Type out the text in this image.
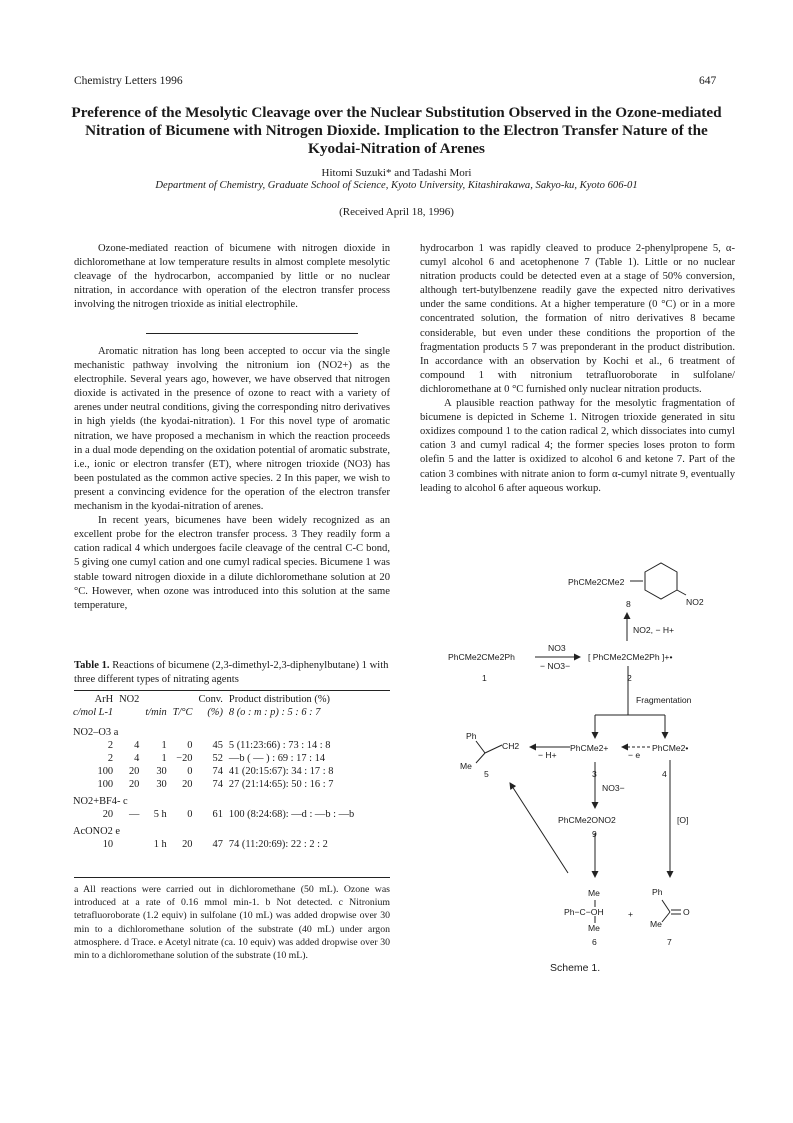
Chemistry Letters 1996	647
Preference of the Mesolytic Cleavage over the Nuclear Substitution Observed in the Ozone-mediated Nitration of Bicumene with Nitrogen Dioxide. Implication to the Electron Transfer Nature of the Kyodai-Nitration of Arenes
Hitomi Suzuki* and Tadashi Mori
Department of Chemistry, Graduate School of Science, Kyoto University, Kitashirakawa, Sakyo-ku, Kyoto 606-01
(Received April 18, 1996)

Ozone-mediated reaction of bicumene with nitrogen dioxide in dichloromethane at low temperature results in almost complete mesolytic cleavage of the hydrocarbon, accompanied by little or no nuclear nitration, in accordance with operation of the electron transfer process involving the nitrogen trioxide as initial electrophile.

Aromatic nitration has long been accepted to occur via the single mechanistic pathway involving the nitronium ion (NO2+) as the electrophile. Several years ago, however, we have observed that nitrogen dioxide is activated in the presence of ozone to react with a variety of arenes under neutral conditions, giving the corresponding nitro derivatives in high yields (the kyodai-nitration). 1 For this novel type of aromatic nitration, we have proposed a mechanism in which the reaction proceeds in a dual mode depending on the oxidation potential of aromatic substrate, i.e., ionic or electron transfer (ET), where nitrogen trioxide (NO3) has been postulated as the common active species. 2 In this paper, we wish to present a convincing evidence for the operation of the electron transfer mechanism in the kyodai-nitration of arenes.

In recent years, bicumenes have been widely recognized as an excellent probe for the electron transfer process. 3 They readily form a cation radical 4 which undergoes facile cleavage of the central C-C bond, 5 giving one cumyl cation and one cumyl radical species. Bicumene 1 was stable toward nitrogen dioxide in a dilute dichloromethane solution at 20 °C. However, when ozone was introduced into this solution at the same temperature,

Table 1. Reactions of bicumene (2,3-dimethyl-2,3-diphenylbutane) 1 with three different types of nitrating agents
ArH	NO2			Conv.	Product distribution (%)
c/mol L-1		t/min	T/°C	(%)	8 (o : m : p) : 5 : 6 : 7
NO2–O3 a					
2	4	1	0	45	5 (11:23:66) : 73 : 14 : 8
2	4	1	−20	52	—b ( — ) : 69 : 17 : 14
100	20	30	0	74	41 (20:15:67): 34 : 17 : 8
100	20	30	20	74	27 (21:14:65): 50 : 16 : 7
NO2+BF4- c					
20	—	5 h	0	61	100 (8:24:68): —d : —b : —b
AcONO2 e					
10		1 h	20	47	74 (11:20:69): 22 : 2 : 2
a All reactions were carried out in dichloromethane (50 mL). Ozone was introduced at a rate of 0.16 mmol min-1. b Not detected. c Nitronium tetrafluoroborate (1.2 equiv) in sulfolane (10 mL) was added dropwise over 30 min to a dichloromethane solution of the substrate (40 mL) under argon atmosphere. d Trace. e Acetyl nitrate (ca. 10 equiv) was added dropwise over 30 min to a dichloromethane solution of the substrate (10 mL).

hydrocarbon 1 was rapidly cleaved to produce 2-phenylpropene 5, α-cumyl alcohol 6 and acetophenone 7 (Table 1). Little or no nuclear nitration products could be detected even at a stage of 50% conversion, although tert-butylbenzene readily gave the expected nitro derivatives under the same conditions. At a higher temperature (0 °C) or in a more concentrated solution, the formation of nitro derivatives 8 became considerable, but even under these conditions the proportion of the fragmentation products 5 7 was preponderant in the product distribution. In accordance with an observation by Kochi et al., 6 treatment of compound 1 with nitronium tetrafluoroborate in sulfolane/ dichloromethane at 0 °C furnished only nuclear nitration products.

A plausible reaction pathway for the mesolytic fragmentation of bicumene is depicted in Scheme 1. Nitrogen trioxide generated in situ oxidizes compound 1 to the cation radical 2, which dissociates into cumyl cation 3 and cumyl radical 4; the former species loses proton to form olefin 5 and the latter is oxidized to alcohol 6 and ketone 7. Part of the cation 3 combines with nitrate anion to form α-cumyl nitrate 9, eventually leading to alcohol 6 after aqueous workup.

PhCMe2CMe2
NO2
8
NO2, − H+
PhCMe2CMe2Ph
1
NO3
− NO3−
[ PhCMe2CMe2Ph ]+•
2
Fragmentation
PhCMe2+
3
PhCMe2•
4
− e
Ph
Me
CH2
5
− H+
NO3−
PhCMe2ONO2
9
[O]
Me
Ph−C−OH
Me
6
+
Ph
Me
O
7
Scheme 1.
